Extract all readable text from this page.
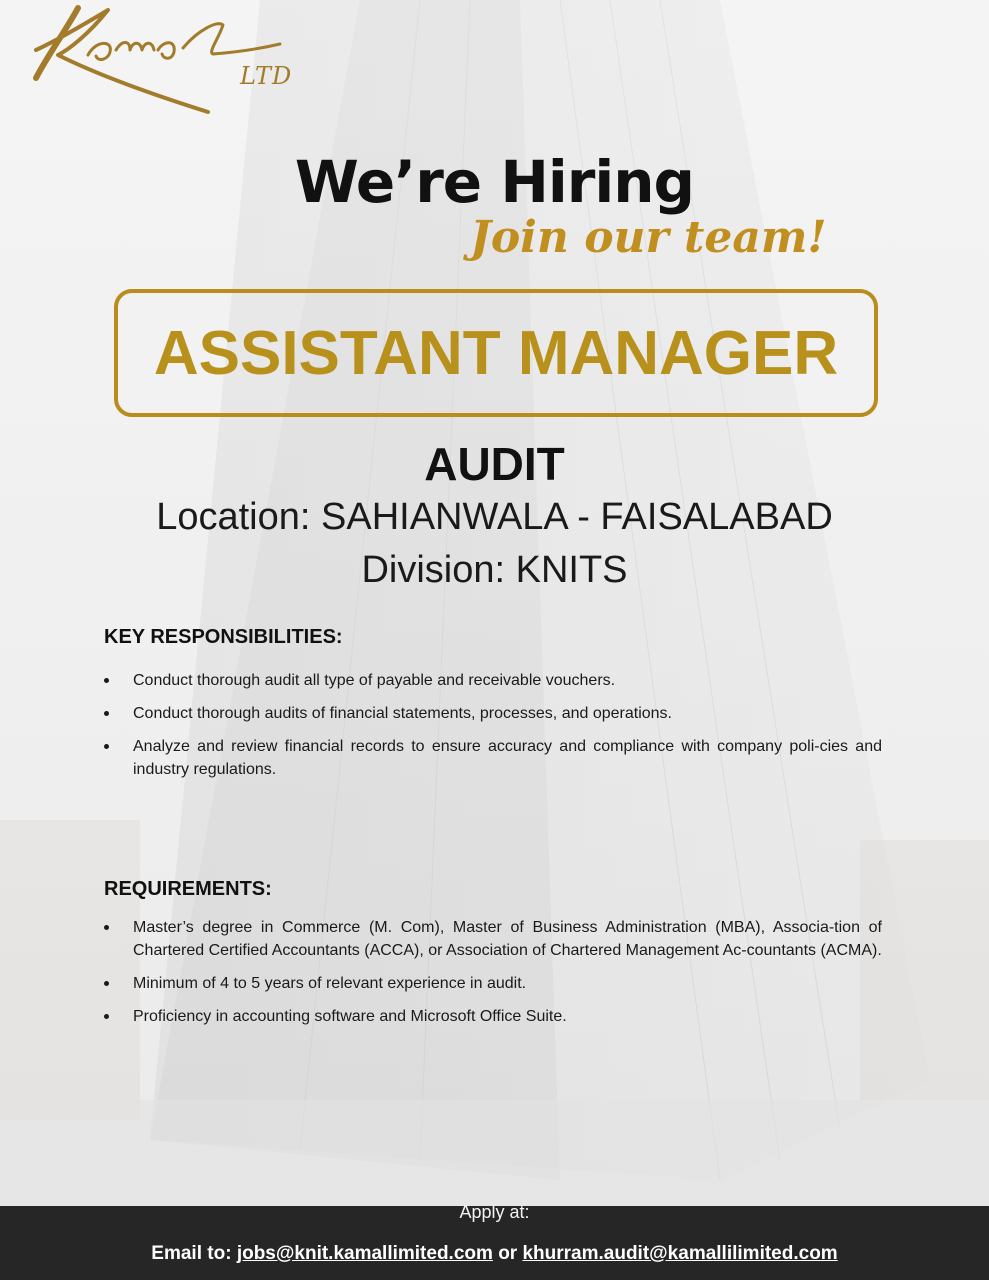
LTD
We’re Hiring
Join our team!
ASSISTANT MANAGER
AUDIT
Location: SAHIANWALA - FAISALABAD
Division: KNITS
KEY RESPONSIBILITIES:
Conduct thorough audit all type of payable and receivable vouchers.
Conduct thorough audits of financial statements, processes, and operations.
Analyze and review financial records to ensure accuracy and compliance with company poli-cies and industry regulations.
REQUIREMENTS:
Master’s degree in Commerce (M. Com), Master of Business Administration (MBA), Associa-tion of Chartered Certified Accountants (ACCA), or Association of Chartered Management Ac-countants (ACMA).
Minimum of 4 to 5 years of relevant experience in audit.
Proficiency in accounting software and Microsoft Office Suite.
Apply at:
Email to: jobs@knit.kamallimited.com or khurram.audit@kamallilimited.com
